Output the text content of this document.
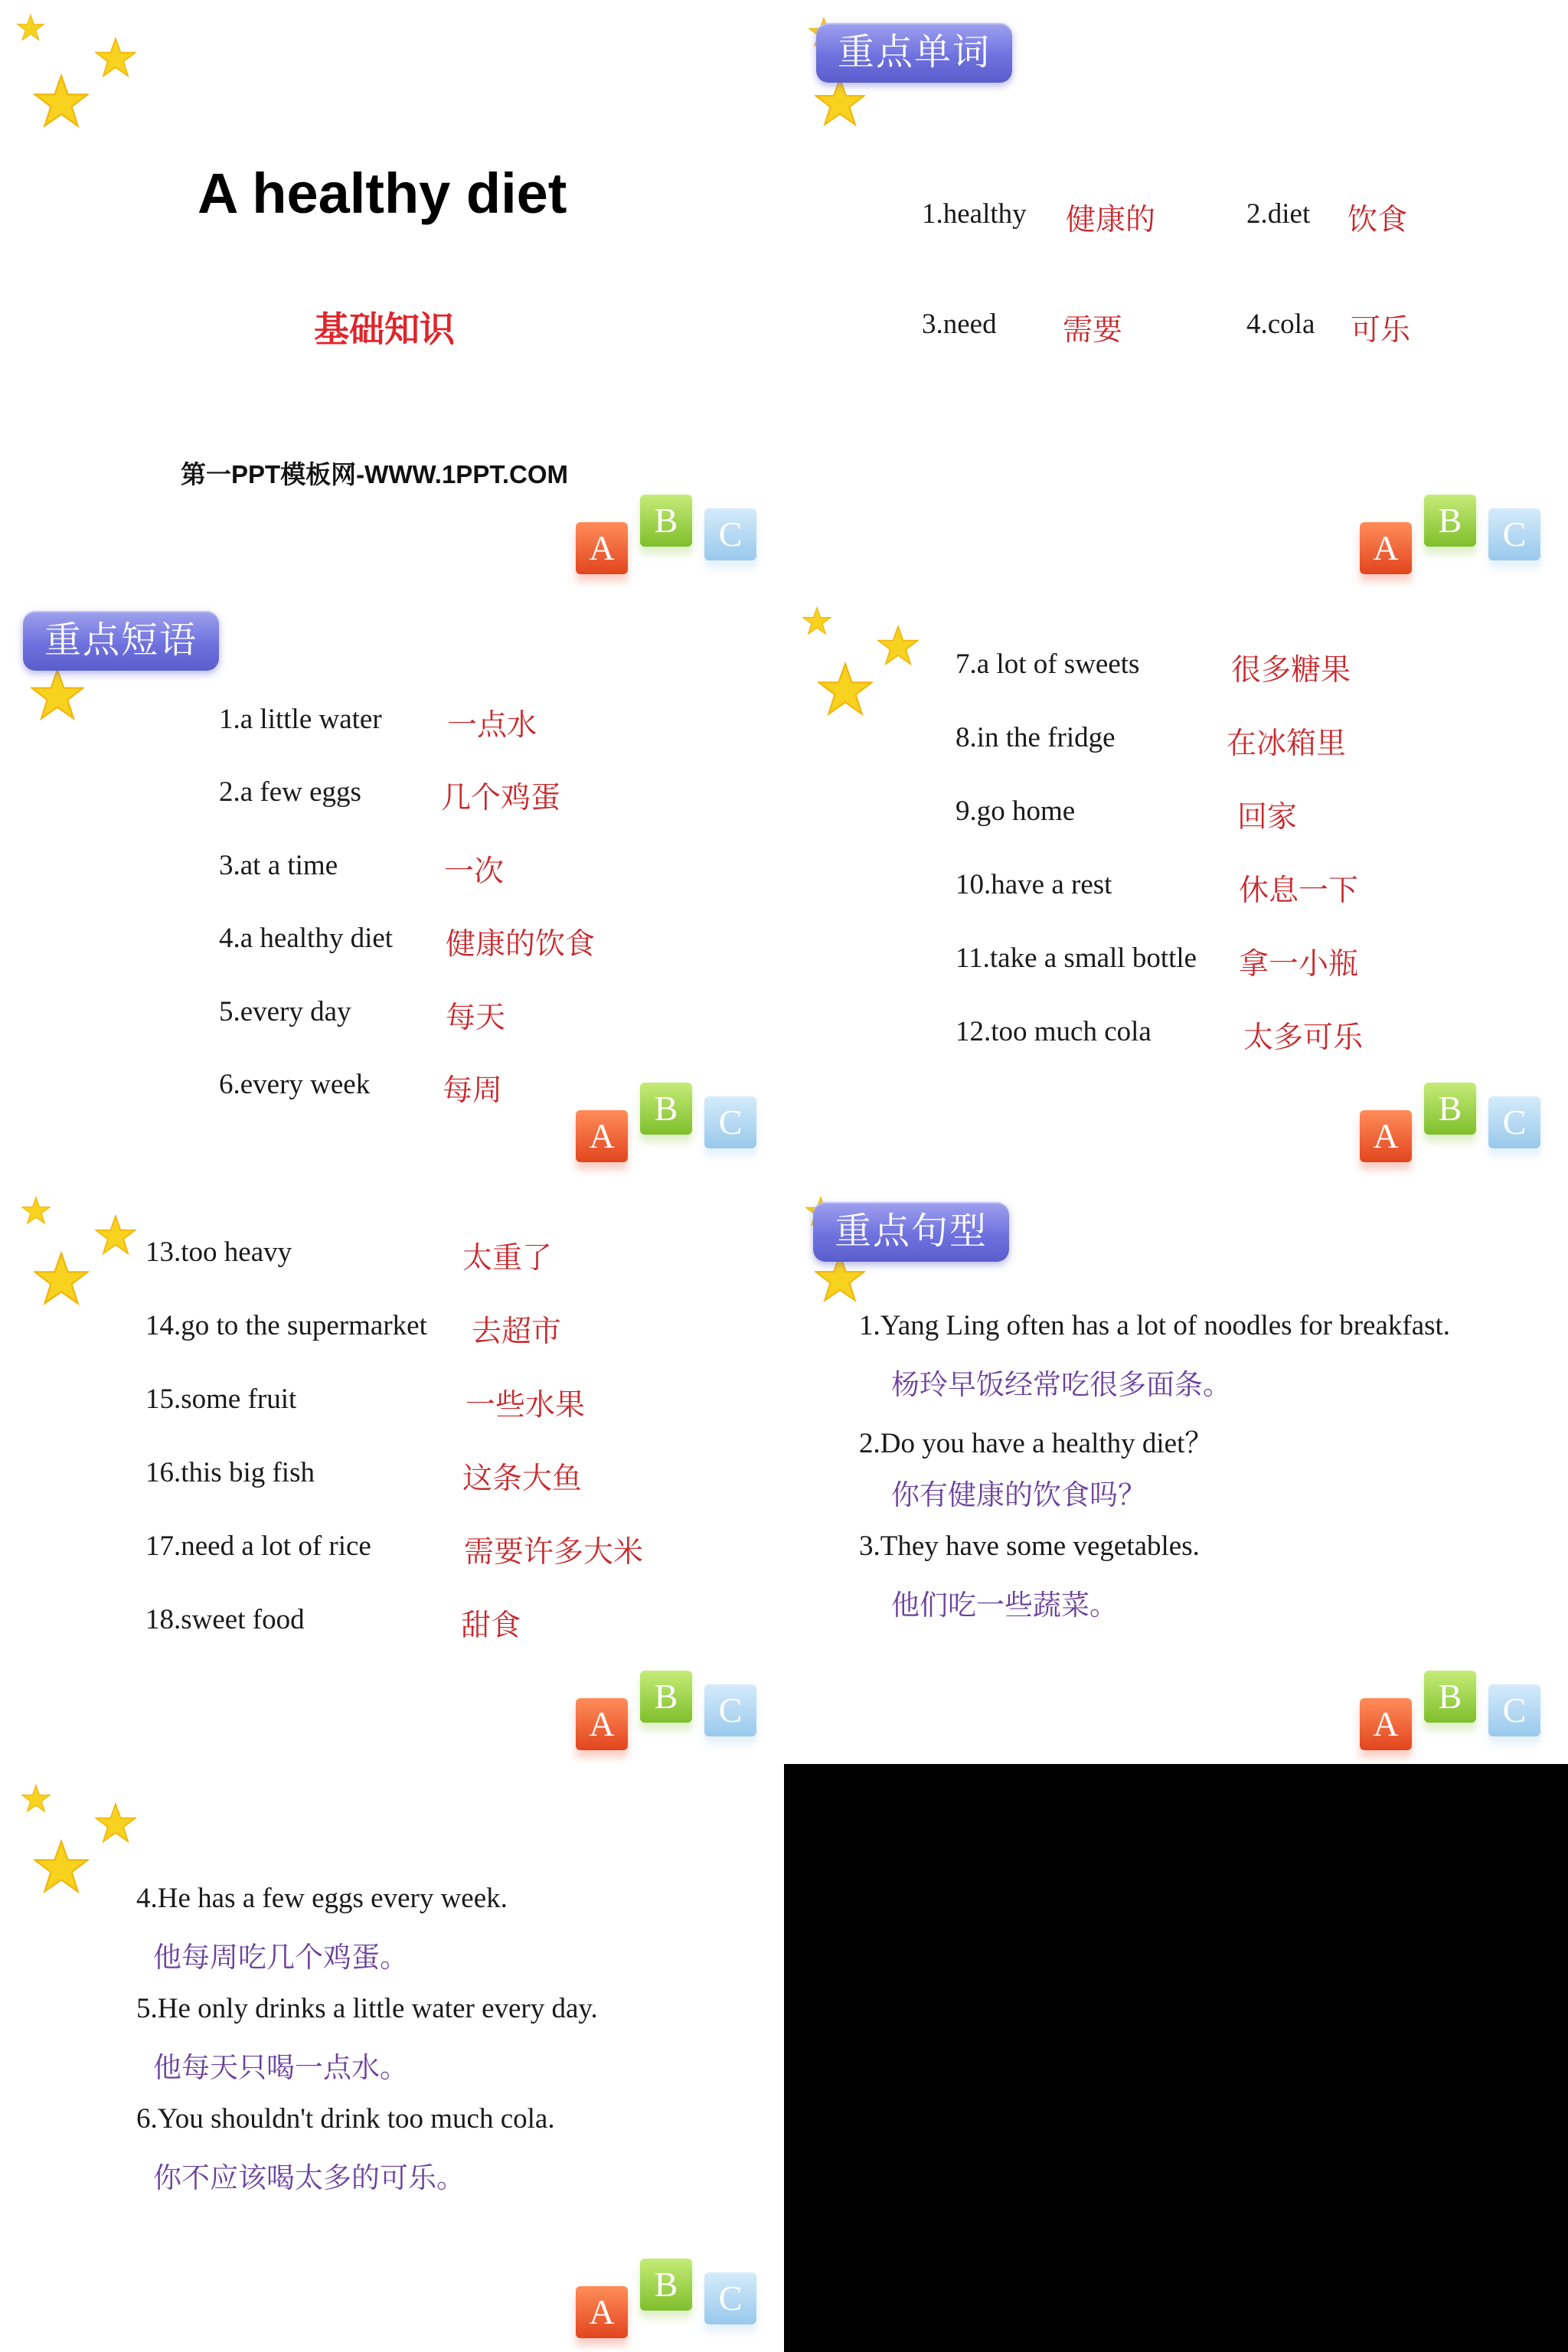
A healthy diet
基础知识
第一PPT模板网-WWW.1PPT.COM
A
B	C
重点单词
1.healthy 健康的	2.diet 饮食
3.need 需要	4.cola 可乐
A
B	C
重点短语
1.a little water 一点水
2.a few eggs	几个鸡蛋
3.at a time	一次
4.a healthy diet 健康的饮食
5.every day	每天
6.every week 每周
A
B	C
7.a lot of sweets	很多糖果
8.in the fridge	在冰箱里
9.go home	回家
10.have a rest	休息一下
11.take a small bottle 拿一小瓶
12.too much cola	太多可乐
A
B	C
13.too heavy	太重了
14.go to the supermarket 去超市
15.some fruit	一些水果
16.this big fish	这条大鱼
17.need a lot of rice	需要许多大米
18.sweet food	甜食
A
B	C
重点句型
1.Yang Ling often has a lot of noodles for breakfast.
杨玲早饭经常吃很多面条。
2.Do you have a healthy diet？
你有健康的饮食吗？
3.They have some vegetables.
他们吃一些蔬菜。
A
B	C
4.He has a few eggs every week.
他每周吃几个鸡蛋。
5.He only drinks a little water every day.
他每天只喝一点水。
6.You shouldn't drink too much cola.
你不应该喝太多的可乐。
A
B	C
